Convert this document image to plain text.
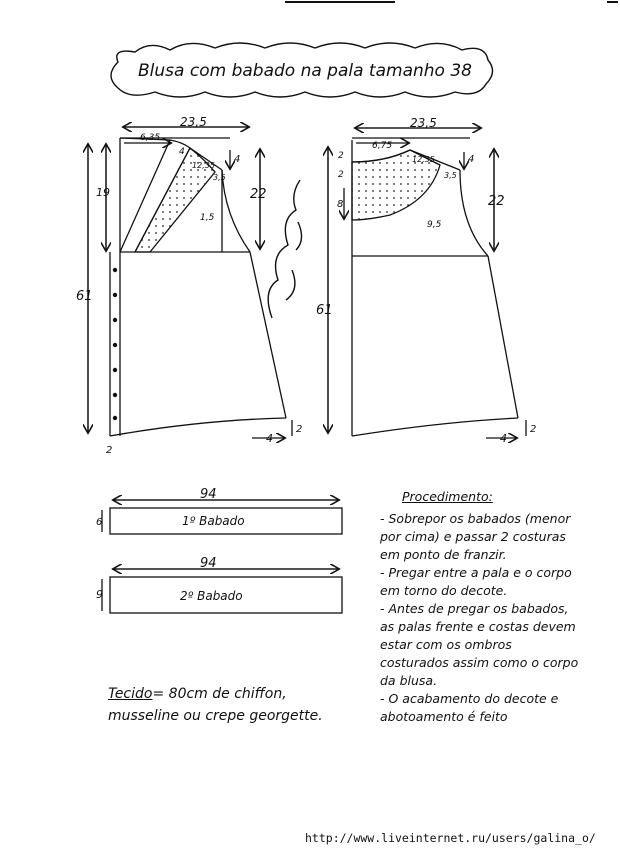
23,5
6,35
4
12,35
3,5
4
19	22
1,5
61
4
2
2
23,5
6,75
2
2
12,35
3,5
4
8	22
9,5
61
4
2
94
6	1º Babado
94
9	2º Babado
Blusa com babado na pala tamanho 38
Procedimento:
- Sobrepor os babados (menor por cima) e passar 2 costuras em ponto de franzir.
- Pregar entre a pala e o corpo em torno do decote.
- Antes de pregar os babados, as palas frente e costas devem estar com os ombros costurados assim como o corpo da blusa.
- O acabamento do decote e abotoamento é feito
Tecido= 80cm de chiffon, musseline ou crepe georgette.
http://www.liveinternet.ru/users/galina_o/
